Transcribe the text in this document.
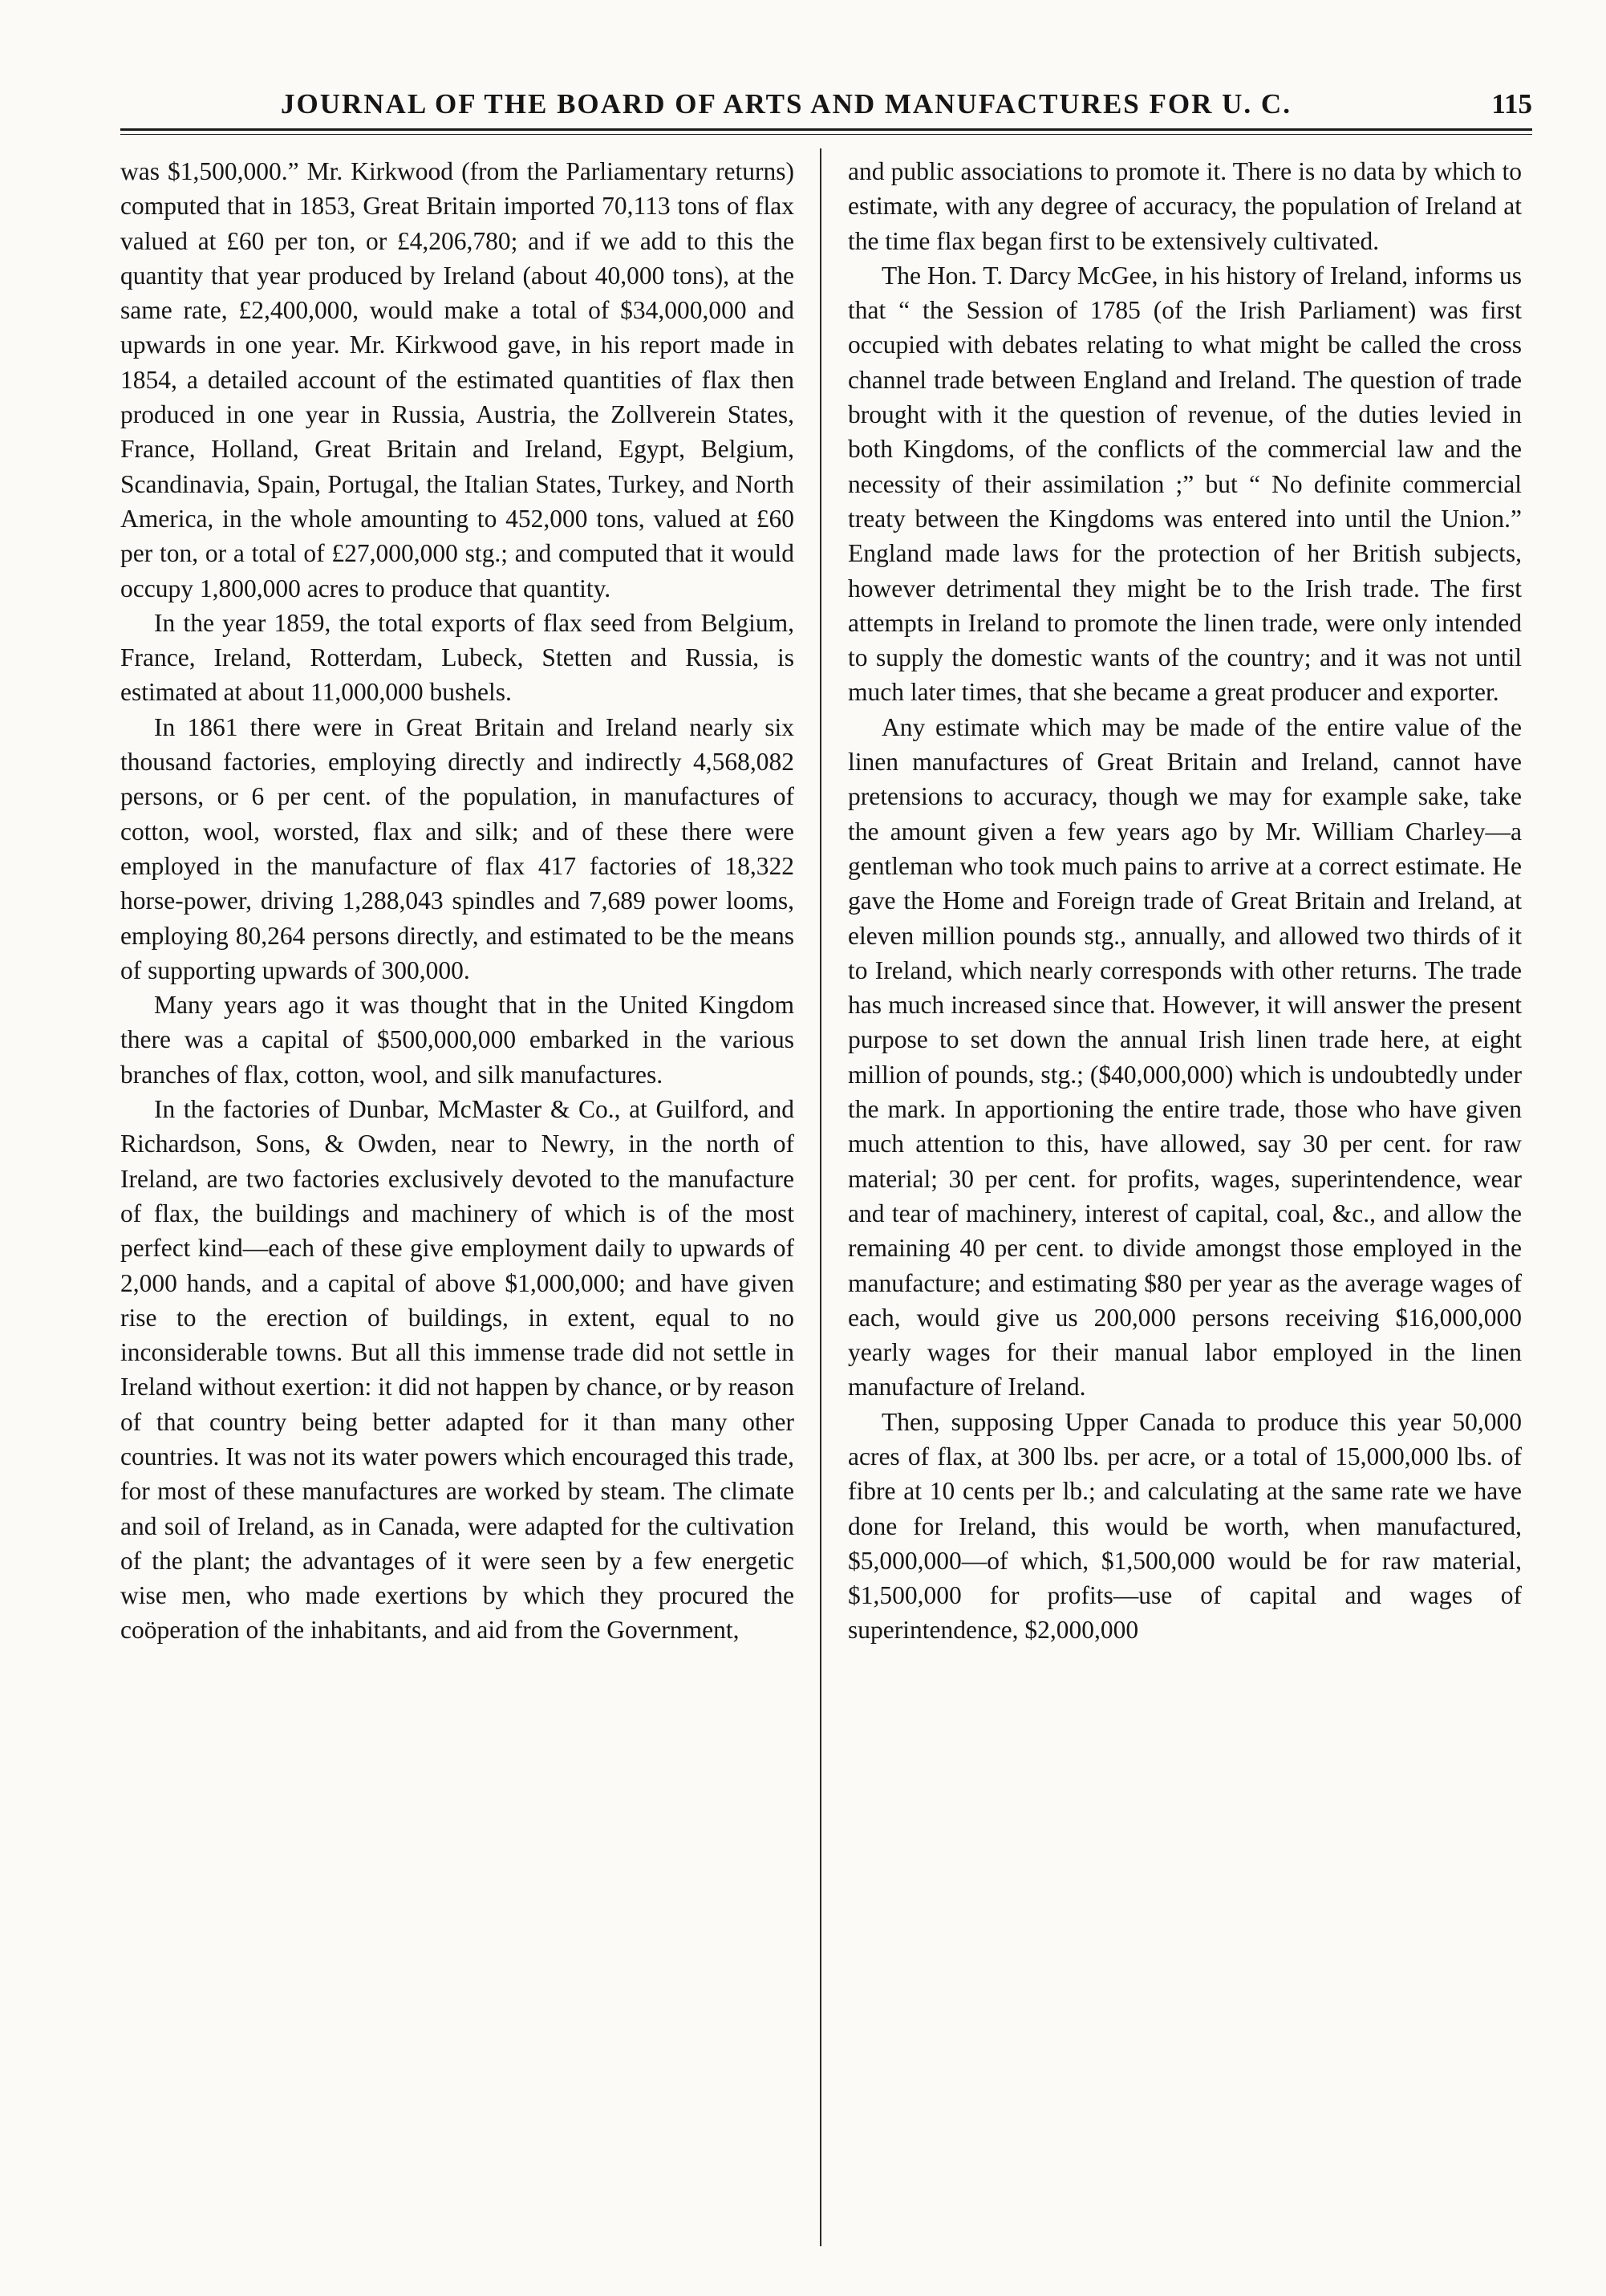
JOURNAL OF THE BOARD OF ARTS AND MANUFACTURES FOR U. C.	115

was $1,500,000.” Mr. Kirkwood (from the Parliamentary returns) computed that in 1853, Great Britain imported 70,113 tons of flax valued at £60 per ton, or £4,206,780; and if we add to this the quantity that year produced by Ireland (about 40,000 tons), at the same rate, £2,400,000, would make a total of $34,000,000 and upwards in one year. Mr. Kirkwood gave, in his report made in 1854, a detailed account of the estimated quantities of flax then produced in one year in Russia, Austria, the Zollverein States, France, Holland, Great Britain and Ireland, Egypt, Belgium, Scandinavia, Spain, Portugal, the Italian States, Turkey, and North America, in the whole amounting to 452,000 tons, valued at £60 per ton, or a total of £27,000,000 stg.; and computed that it would occupy 1,800,000 acres to produce that quantity.

In the year 1859, the total exports of flax seed from Belgium, France, Ireland, Rotterdam, Lubeck, Stetten and Russia, is estimated at about 11,000,000 bushels.

In 1861 there were in Great Britain and Ireland nearly six thousand factories, employing directly and indirectly 4,568,082 persons, or 6 per cent. of the population, in manufactures of cotton, wool, worsted, flax and silk; and of these there were employed in the manufacture of flax 417 factories of 18,322 horse-power, driving 1,288,043 spindles and 7,689 power looms, employing 80,264 persons directly, and estimated to be the means of supporting upwards of 300,000.

Many years ago it was thought that in the United Kingdom there was a capital of $500,000,000 embarked in the various branches of flax, cotton, wool, and silk manufactures.

In the factories of Dunbar, McMaster & Co., at Guilford, and Richardson, Sons, & Owden, near to Newry, in the north of Ireland, are two factories exclusively devoted to the manufacture of flax, the buildings and machinery of which is of the most perfect kind—each of these give employment daily to upwards of 2,000 hands, and a capital of above $1,000,000; and have given rise to the erection of buildings, in extent, equal to no inconsiderable towns. But all this immense trade did not settle in Ireland without exertion: it did not happen by chance, or by reason of that country being better adapted for it than many other countries. It was not its water powers which encouraged this trade, for most of these manufactures are worked by steam. The climate and soil of Ireland, as in Canada, were adapted for the cultivation of the plant; the advantages of it were seen by a few energetic wise men, who made exertions by which they procured the coöperation of the inhabitants, and aid from the Government,

and public associations to promote it. There is no data by which to estimate, with any degree of accuracy, the population of Ireland at the time flax began first to be extensively cultivated.

The Hon. T. Darcy McGee, in his history of Ireland, informs us that “ the Session of 1785 (of the Irish Parliament) was first occupied with debates relating to what might be called the cross channel trade between England and Ireland. The question of trade brought with it the question of revenue, of the duties levied in both Kingdoms, of the conflicts of the commercial law and the necessity of their assimilation ;” but “ No definite commercial treaty between the Kingdoms was entered into until the Union.” England made laws for the protection of her British subjects, however detrimental they might be to the Irish trade. The first attempts in Ireland to promote the linen trade, were only intended to supply the domestic wants of the country; and it was not until much later times, that she became a great producer and exporter.

Any estimate which may be made of the entire value of the linen manufactures of Great Britain and Ireland, cannot have pretensions to accuracy, though we may for example sake, take the amount given a few years ago by Mr. William Charley—a gentleman who took much pains to arrive at a correct estimate. He gave the Home and Foreign trade of Great Britain and Ireland, at eleven million pounds stg., annually, and allowed two thirds of it to Ireland, which nearly corresponds with other returns. The trade has much increased since that. However, it will answer the present purpose to set down the annual Irish linen trade here, at eight million of pounds, stg.; ($40,000,000) which is undoubtedly under the mark. In apportioning the entire trade, those who have given much attention to this, have allowed, say 30 per cent. for raw material; 30 per cent. for profits, wages, superintendence, wear and tear of machinery, interest of capital, coal, &c., and allow the remaining 40 per cent. to divide amongst those employed in the manufacture; and estimating $80 per year as the average wages of each, would give us 200,000 persons receiving $16,000,000 yearly wages for their manual labor employed in the linen manufacture of Ireland.

Then, supposing Upper Canada to produce this year 50,000 acres of flax, at 300 lbs. per acre, or a total of 15,000,000 lbs. of fibre at 10 cents per lb.; and calculating at the same rate we have done for Ireland, this would be worth, when manufactured, $5,000,000—of which, $1,500,000 would be for raw material, $1,500,000 for profits—use of capital and wages of superintendence, $2,000,000
